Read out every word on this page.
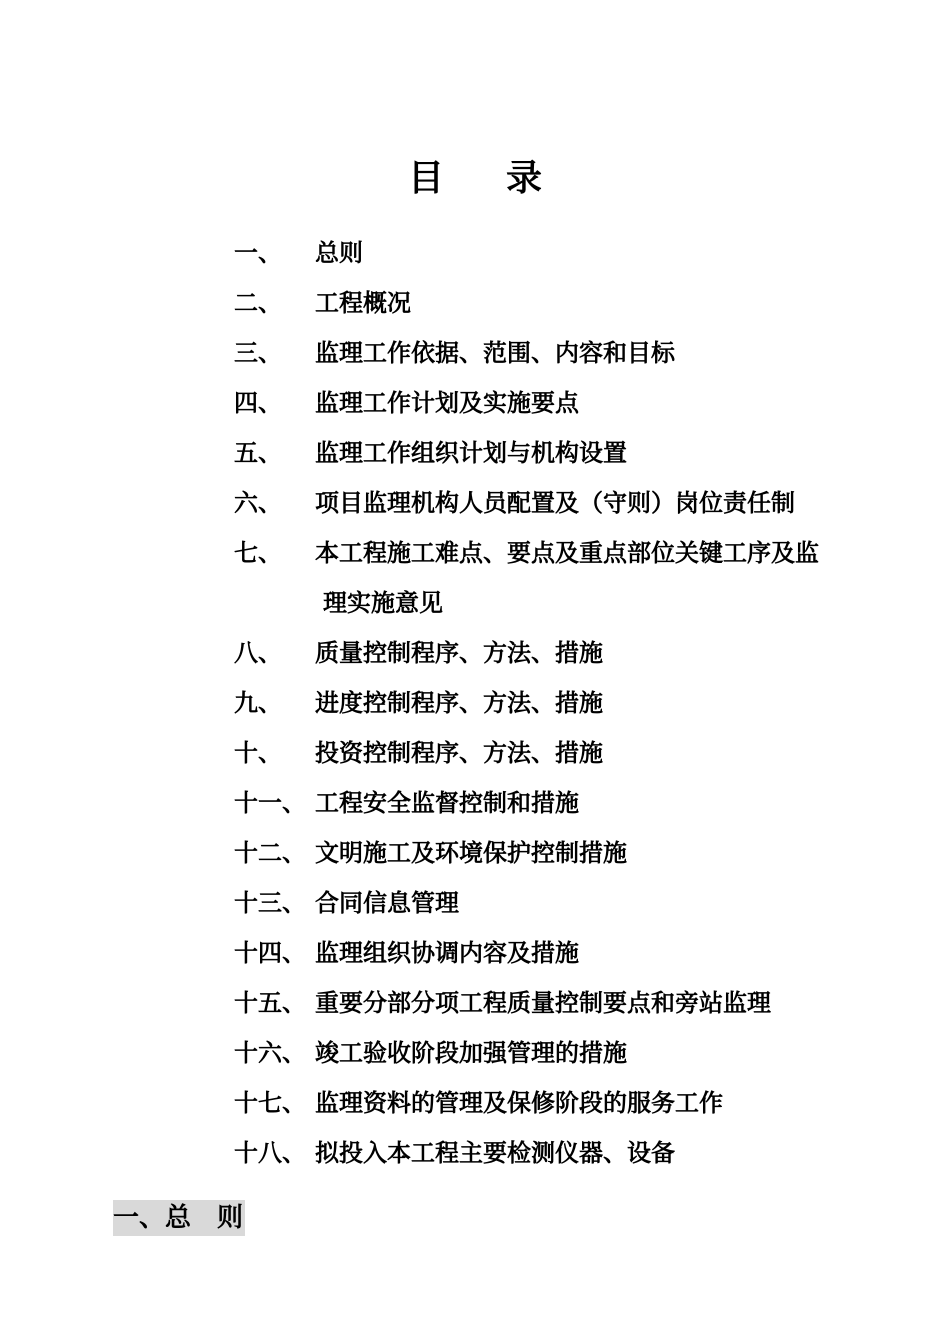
目 录
一、 总则
二、 工程概况
三、 监理工作依据、范围、内容和目标
四、 监理工作计划及实施要点
五、 监理工作组织计划与机构设置
六、 项目监理机构人员配置及（守则）岗位责任制
七、 本工程施工难点、要点及重点部位关键工序及监
理实施意见
八、 质量控制程序、方法、措施
九、 进度控制程序、方法、措施
十、 投资控制程序、方法、措施
十一、 工程安全监督控制和措施
十二、 文明施工及环境保护控制措施
十三、 合同信息管理
十四、 监理组织协调内容及措施
十五、 重要分部分项工程质量控制要点和旁站监理
十六、 竣工验收阶段加强管理的措施
十七、 监理资料的管理及保修阶段的服务工作
十八、 拟投入本工程主要检测仪器、设备
一、总 则
